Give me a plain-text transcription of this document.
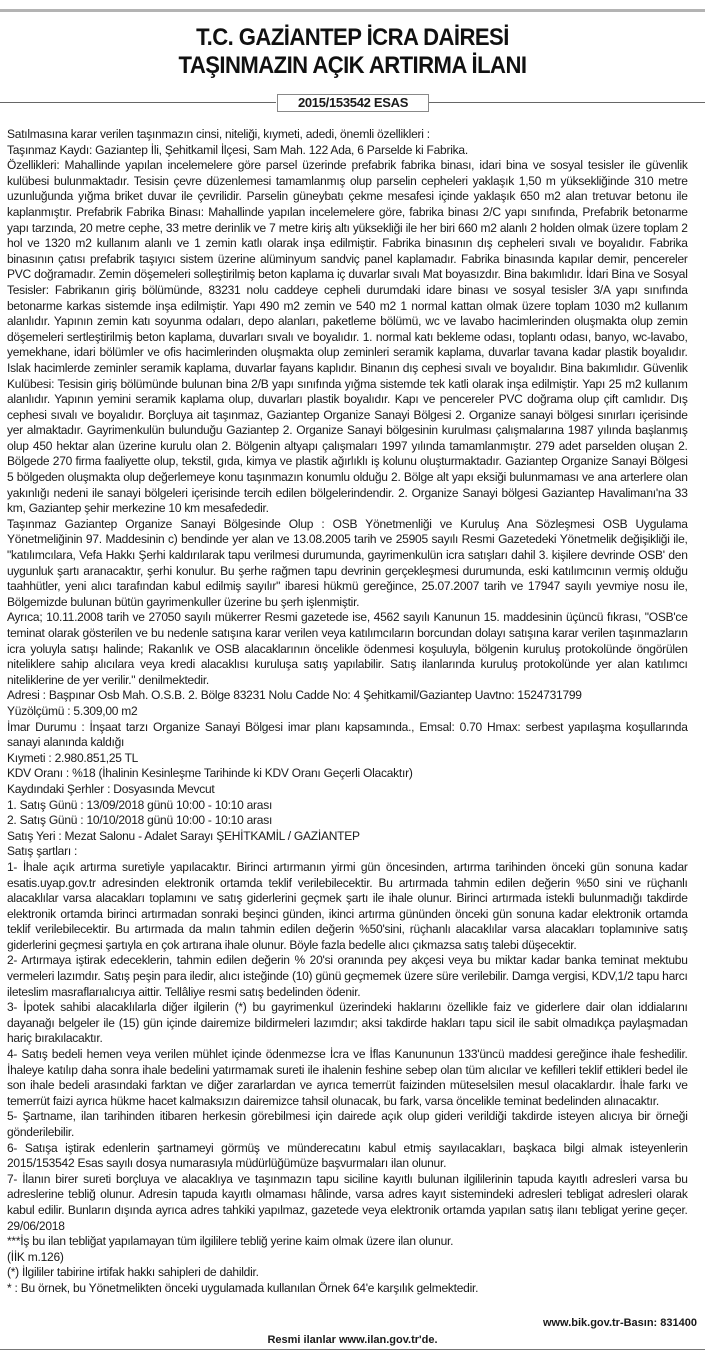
T.C. GAZİANTEP İCRA DAİRESİ
TAŞINMAZIN AÇIK ARTIRMA İLANI
2015/153542 ESAS

Satılmasına karar verilen taşınmazın cinsi, niteliği, kıymeti, adedi, önemli özellikleri :

Taşınmaz Kaydı: Gaziantep İli, Şehitkamil İlçesi, Sam Mah. 122 Ada, 6 Parselde ki Fabrika.

Özellikleri: Mahallinde yapılan incelemelere göre parsel üzerinde prefabrik fabrika binası, idari bina ve sosyal tesisler ile güvenlik kulübesi bulunmaktadır. Tesisin çevre düzenlemesi tamamlanmış olup parselin cepheleri yaklaşık 1,50 m yüksekliğinde 310 metre uzunluğunda yığma briket duvar ile çevrilidir. Parselin güneybatı çekme mesafesi içinde yaklaşık 650 m2 alan tretuvar betonu ile kaplanmıştır. Prefabrik Fabrika Binası: Mahallinde yapılan incelemelere göre, fabrika binası 2/C yapı sınıfında, Prefabrik betonarme yapı tarzında, 20 metre cephe, 33 metre derinlik ve 7 metre kiriş altı yüksekliği ile her biri 660 m2 alanlı 2 holden olmak üzere toplam 2 hol ve 1320 m2 kullanım alanlı ve 1 zemin katlı olarak inşa edilmiştir. Fabrika binasının dış cepheleri sıvalı ve boyalıdır. Fabrika binasının çatısı prefabrik taşıyıcı sistem üzerine alüminyum sandviç panel kaplamadır. Fabrika binasında kapılar demir, pencereler PVC doğramadır. Zemin döşemeleri solleştirilmiş beton kaplama iç duvarlar sıvalı Mat boyasızdır. Bina bakımlıdır. İdari Bina ve Sosyal Tesisler: Fabrikanın giriş bölümünde, 83231 nolu caddeye cepheli durumdaki idare binası ve sosyal tesisler 3/A yapı sınıfında betonarme karkas sistemde inşa edilmiştir. Yapı 490 m2 zemin ve 540 m2 1 normal kattan olmak üzere toplam 1030 m2 kullanım alanlıdır. Yapının zemin katı soyunma odaları, depo alanları, paketleme bölümü, wc ve lavabo hacimlerinden oluşmakta olup zemin döşemeleri sertleştirilmiş beton kaplama, duvarları sıvalı ve boyalıdır. 1. normal katı bekleme odası, toplantı odası, banyo, wc-lavabo, yemekhane, idari bölümler ve ofis hacimlerinden oluşmakta olup zeminleri seramik kaplama, duvarlar tavana kadar plastik boyalıdır. Islak hacimlerde zeminler seramik kaplama, duvarlar fayans kaplıdır. Binanın dış cephesi sıvalı ve boyalıdır. Bina bakımlıdır. Güvenlik Kulübesi: Tesisin giriş bölümünde bulunan bina 2/B yapı sınıfında yığma sistemde tek katli olarak inşa edilmiştir. Yapı 25 m2 kullanım alanlıdır. Yapının yemini seramik kaplama olup, duvarları plastik boyalıdır. Kapı ve pencereler PVC doğrama olup çift camlıdır. Dış cephesi sıvalı ve boyalıdır. Borçluya ait taşınmaz, Gaziantep Organize Sanayi Bölgesi 2. Organize sanayi bölgesi sınırları içerisinde yer almaktadır. Gayrimenkulün bulunduğu Gaziantep 2. Organize Sanayi bölgesinin kurulması çalışmalarına 1987 yılında başlanmış olup 450 hektar alan üzerine kurulu olan 2. Bölgenin altyapı çalışmaları 1997 yılında tamamlanmıştır. 279 adet parselden oluşan 2. Bölgede 270 firma faaliyette olup, tekstil, gıda, kimya ve plastik ağırlıklı iş kolunu oluşturmaktadır. Gaziantep Organize Sanayi Bölgesi 5 bölgeden oluşmakta olup değerlemeye konu taşınmazın konumlu olduğu 2. Bölge alt yapı eksiği bulunmaması ve ana arterlere olan yakınlığı nedeni ile sanayi bölgeleri içerisinde tercih edilen bölgelerindendir. 2. Organize Sanayi bölgesi Gaziantep Havalimanı'na 33 km, Gaziantep şehir merkezine 10 km mesafededir.

Taşınmaz Gaziantep Organize Sanayi Bölgesinde Olup : OSB Yönetmenliği ve Kuruluş Ana Sözleşmesi OSB Uygulama Yönetmeliğinin 97. Maddesinin c) bendinde yer alan ve 13.08.2005 tarih ve 25905 sayılı Resmi Gazetedeki Yönetmelik değişikliği ile, "katılımcılara, Vefa Hakkı Şerhi kaldırılarak tapu verilmesi durumunda, gayrimenkulün icra satışları dahil 3. kişilere devrinde OSB' den uygunluk şartı aranacaktır, şerhi konulur. Bu şerhe rağmen tapu devrinin gerçekleşmesi durumunda, eski katılımcının vermiş olduğu taahhütler, yeni alıcı tarafından kabul edilmiş sayılır" ibaresi hükmü gereğince, 25.07.2007 tarih ve 17947 sayılı yevmiye nosu ile, Bölgemizde bulunan bütün gayrimenkuller üzerine bu şerh işlenmiştir.

Ayrıca; 10.11.2008 tarih ve 27050 sayılı mükerrer Resmi gazetede ise, 4562 sayılı Kanunun 15. maddesinin üçüncü fıkrası, "OSB'ce teminat olarak gösterilen ve bu nedenle satışına karar verilen veya katılımcıların borcundan dolayı satışına karar verilen taşınmazların icra yoluyla satışı halinde; Rakanlık ve OSB alacaklarının öncelikle ödenmesi koşuluyla, bölgenin kuruluş protokolünde öngörülen niteliklere sahip alıcılara veya kredi alacaklısı kuruluşa satış yapılabilir. Satış ilanlarında kuruluş protokolünde yer alan katılımcı niteliklerine de yer verilir." denilmektedir.

Adresi : Başpınar Osb Mah. O.S.B. 2. Bölge 83231 Nolu Cadde No: 4 Şehitkamil/Gaziantep Uavtno: 1524731799

Yüzölçümü : 5.309,00 m2

İmar Durumu : İnşaat tarzı Organize Sanayi Bölgesi imar planı kapsamında., Emsal: 0.70 Hmax: serbest yapılaşma koşullarında sanayi alanında kaldığı

Kıymeti : 2.980.851,25 TL

KDV Oranı : %18 (İhalinin Kesinleşme Tarihinde ki KDV Oranı Geçerli Olacaktır)

Kaydındaki Şerhler : Dosyasında Mevcut

1. Satış Günü : 13/09/2018 günü 10:00 - 10:10 arası

2. Satış Günü : 10/10/2018 günü 10:00 - 10:10 arası

Satış Yeri : Mezat Salonu - Adalet Sarayı ŞEHİTKAMİL / GAZİANTEP

Satış şartları :

1- İhale açık artırma suretiyle yapılacaktır. Birinci artırmanın yirmi gün öncesinden, artırma tarihinden önceki gün sonuna kadar esatis.uyap.gov.tr adresinden elektronik ortamda teklif verilebilecektir. Bu artırmada tahmin edilen değerin %50 sini ve rüçhanlı alacaklılar varsa alacakları toplamını ve satış giderlerini geçmek şartı ile ihale olunur. Birinci artırmada istekli bulunmadığı takdirde elektronik ortamda birinci artırmadan sonraki beşinci günden, ikinci artırma gününden önceki gün sonuna kadar elektronik ortamda teklif verilebilecektir. Bu artırmada da malın tahmin edilen değerin %50'sini, rüçhanlı alacaklılar varsa alacakları toplamınive satış giderlerini geçmesi şartıyla en çok artırana ihale olunur. Böyle fazla bedelle alıcı çıkmazsa satış talebi düşecektir.

2- Artırmaya iştirak edeceklerin, tahmin edilen değerin % 20'si oranında pey akçesi veya bu miktar kadar banka teminat mektubu vermeleri lazımdır. Satış peşin para iledir, alıcı isteğinde (10) günü geçmemek üzere süre verilebilir. Damga vergisi, KDV,1/2 tapu harcı ileteslim masraflarıalıcıya aittir. Tellâliye resmi satış bedelinden ödenir.

3- İpotek sahibi alacaklılarla diğer ilgilerin (*) bu gayrimenkul üzerindeki haklarını özellikle faiz ve giderlere dair olan iddialarını dayanağı belgeler ile (15) gün içinde dairemize bildirmeleri lazımdır; aksi takdirde hakları tapu sicil ile sabit olmadıkça paylaşmadan hariç bırakılacaktır.

4- Satış bedeli hemen veya verilen mühlet içinde ödenmezse İcra ve İflas Kanununun 133'üncü maddesi gereğince ihale feshedilir. İhaleye katılıp daha sonra ihale bedelini yatırmamak sureti ile ihalenin feshine sebep olan tüm alıcılar ve kefilleri teklif ettikleri bedel ile son ihale bedeli arasındaki farktan ve diğer zararlardan ve ayrıca temerrüt faizinden müteselsilen mesul olacaklardır. İhale farkı ve temerrüt faizi ayrıca hükme hacet kalmaksızın dairemizce tahsil olunacak, bu fark, varsa öncelikle teminat bedelinden alınacaktır.

5- Şartname, ilan tarihinden itibaren herkesin görebilmesi için dairede açık olup gideri verildiği takdirde isteyen alıcıya bir örneği gönderilebilir.

6- Satışa iştirak edenlerin şartnameyi görmüş ve münderecatını kabul etmiş sayılacakları, başkaca bilgi almak isteyenlerin 2015/153542 Esas sayılı dosya numarasıyla müdürlüğümüze başvurmaları ilan olunur.

7- İlanın birer sureti borçluya ve alacaklıya ve taşınmazın tapu siciline kayıtlı bulunan ilgililerinin tapuda kayıtlı adresleri varsa bu adreslerine tebliğ olunur. Adresin tapuda kayıtlı olmaması hâlinde, varsa adres kayıt sistemindeki adresleri tebligat adresleri olarak kabul edilir. Bunların dışında ayrıca adres tahkiki yapılmaz, gazetede veya elektronik ortamda yapılan satış ilanı tebligat yerine geçer. 29/06/2018

***İş bu ilan tebliğat yapılamayan tüm ilgililere tebliğ yerine kaim olmak üzere ilan olunur.

(İİK m.126)

(*) İlgililer tabirine irtifak hakkı sahipleri de dahildir.

* : Bu örnek, bu Yönetmelikten önceki uygulamada kullanılan Örnek 64'e karşılık gelmektedir.

www.bik.gov.tr-Basın: 831400
Resmi ilanlar www.ilan.gov.tr'de.
